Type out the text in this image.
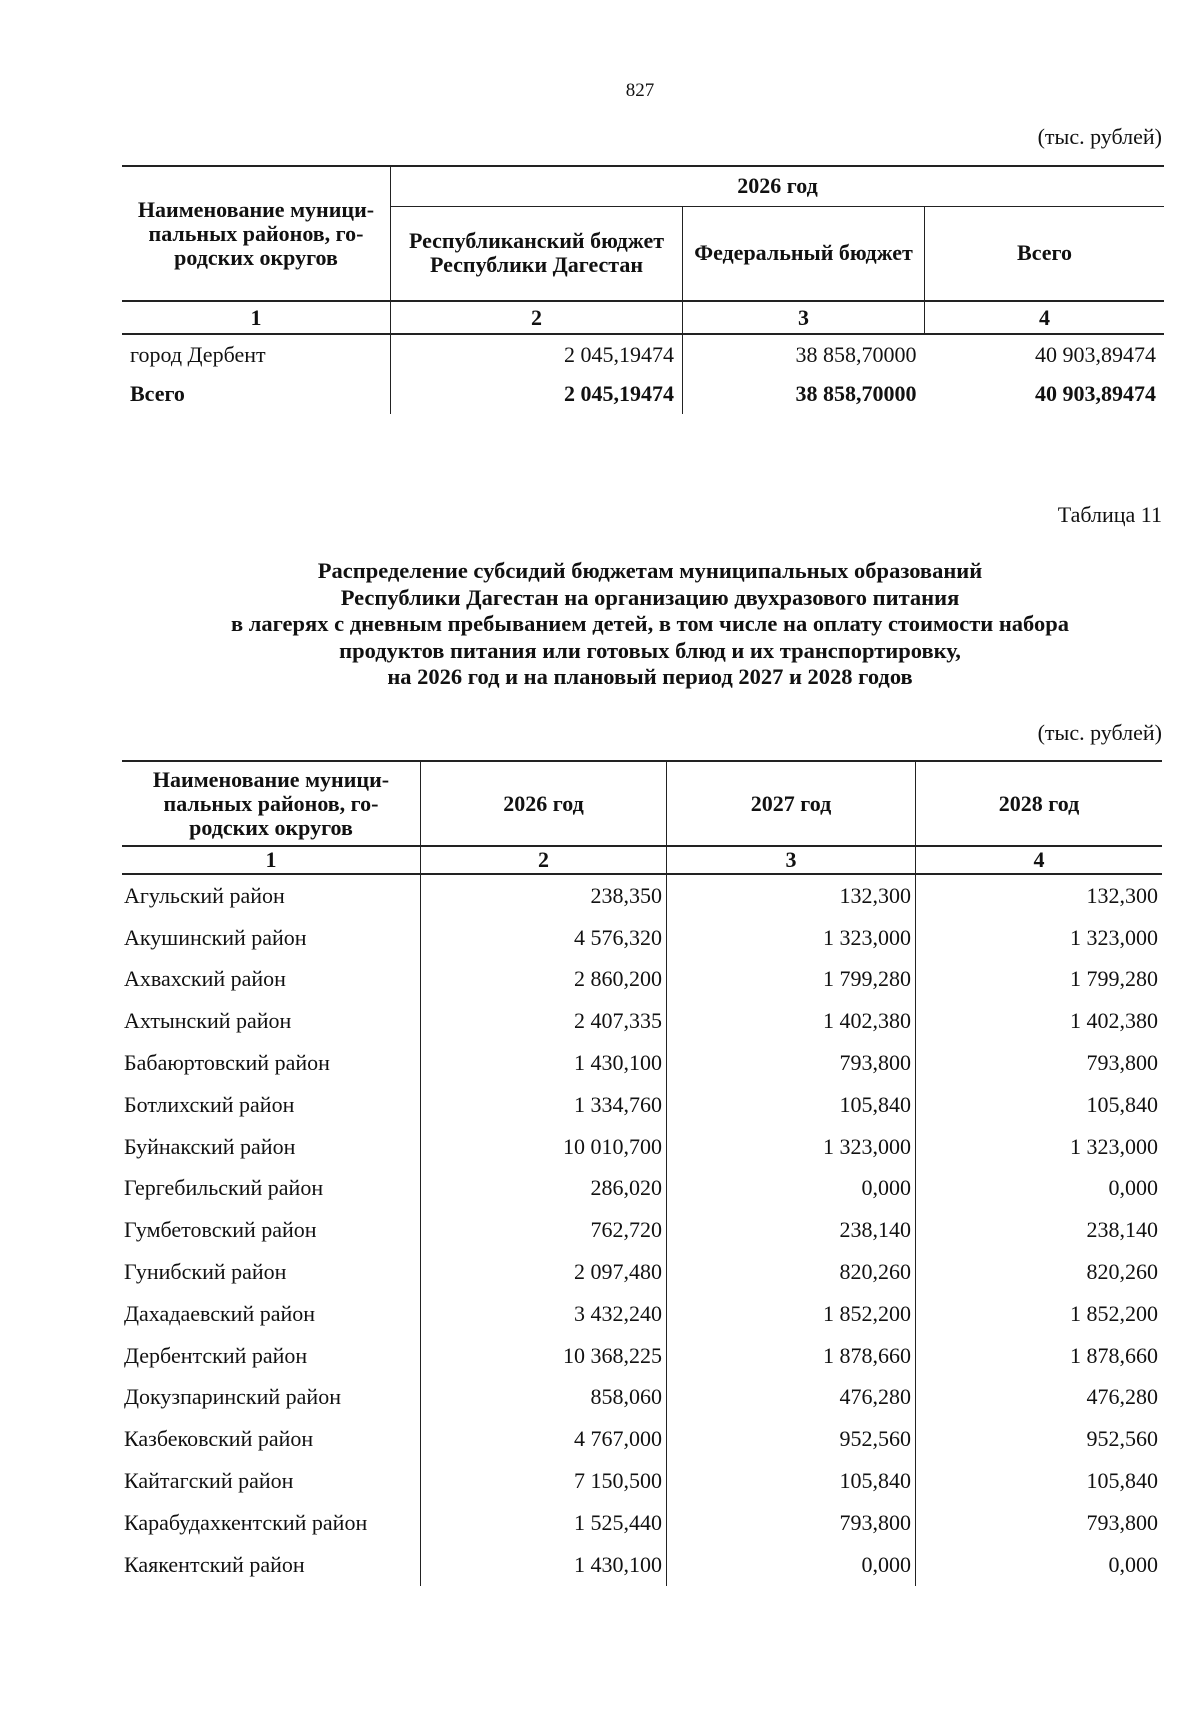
827
(тыс. рублей)
Наименование муници-пальных районов, го-родских округов	2026 год		
	Республиканский бюджет Республики Дагестан	Федеральный бюджет	Всего
1	2	3	4
город Дербент	2 045,19474	38 858,70000	40 903,89474
Всего	2 045,19474	38 858,70000	40 903,89474
Таблица 11
Распределение субсидий бюджетам муниципальных образований
Республики Дагестан на организацию двухразового питания
в лагерях с дневным пребыванием детей, в том числе на оплату стоимости набора
продуктов питания или готовых блюд и их транспортировку,
на 2026 год и на плановый период 2027 и 2028 годов
(тыс. рублей)
Наименование муници-пальных районов, го-родских округов	2026 год	2027 год	2028 год
1	2	3	4
Агульский район	238,350	132,300	132,300
Акушинский район	4 576,320	1 323,000	1 323,000
Ахвахский район	2 860,200	1 799,280	1 799,280
Ахтынский район	2 407,335	1 402,380	1 402,380
Бабаюртовский район	1 430,100	793,800	793,800
Ботлихский район	1 334,760	105,840	105,840
Буйнакский район	10 010,700	1 323,000	1 323,000
Гергебильский район	286,020	0,000	0,000
Гумбетовский район	762,720	238,140	238,140
Гунибский район	2 097,480	820,260	820,260
Дахадаевский район	3 432,240	1 852,200	1 852,200
Дербентский район	10 368,225	1 878,660	1 878,660
Докузпаринский район	858,060	476,280	476,280
Казбековский район	4 767,000	952,560	952,560
Кайтагский район	7 150,500	105,840	105,840
Карабудахкентский район	1 525,440	793,800	793,800
Каякентский район	1 430,100	0,000	0,000
